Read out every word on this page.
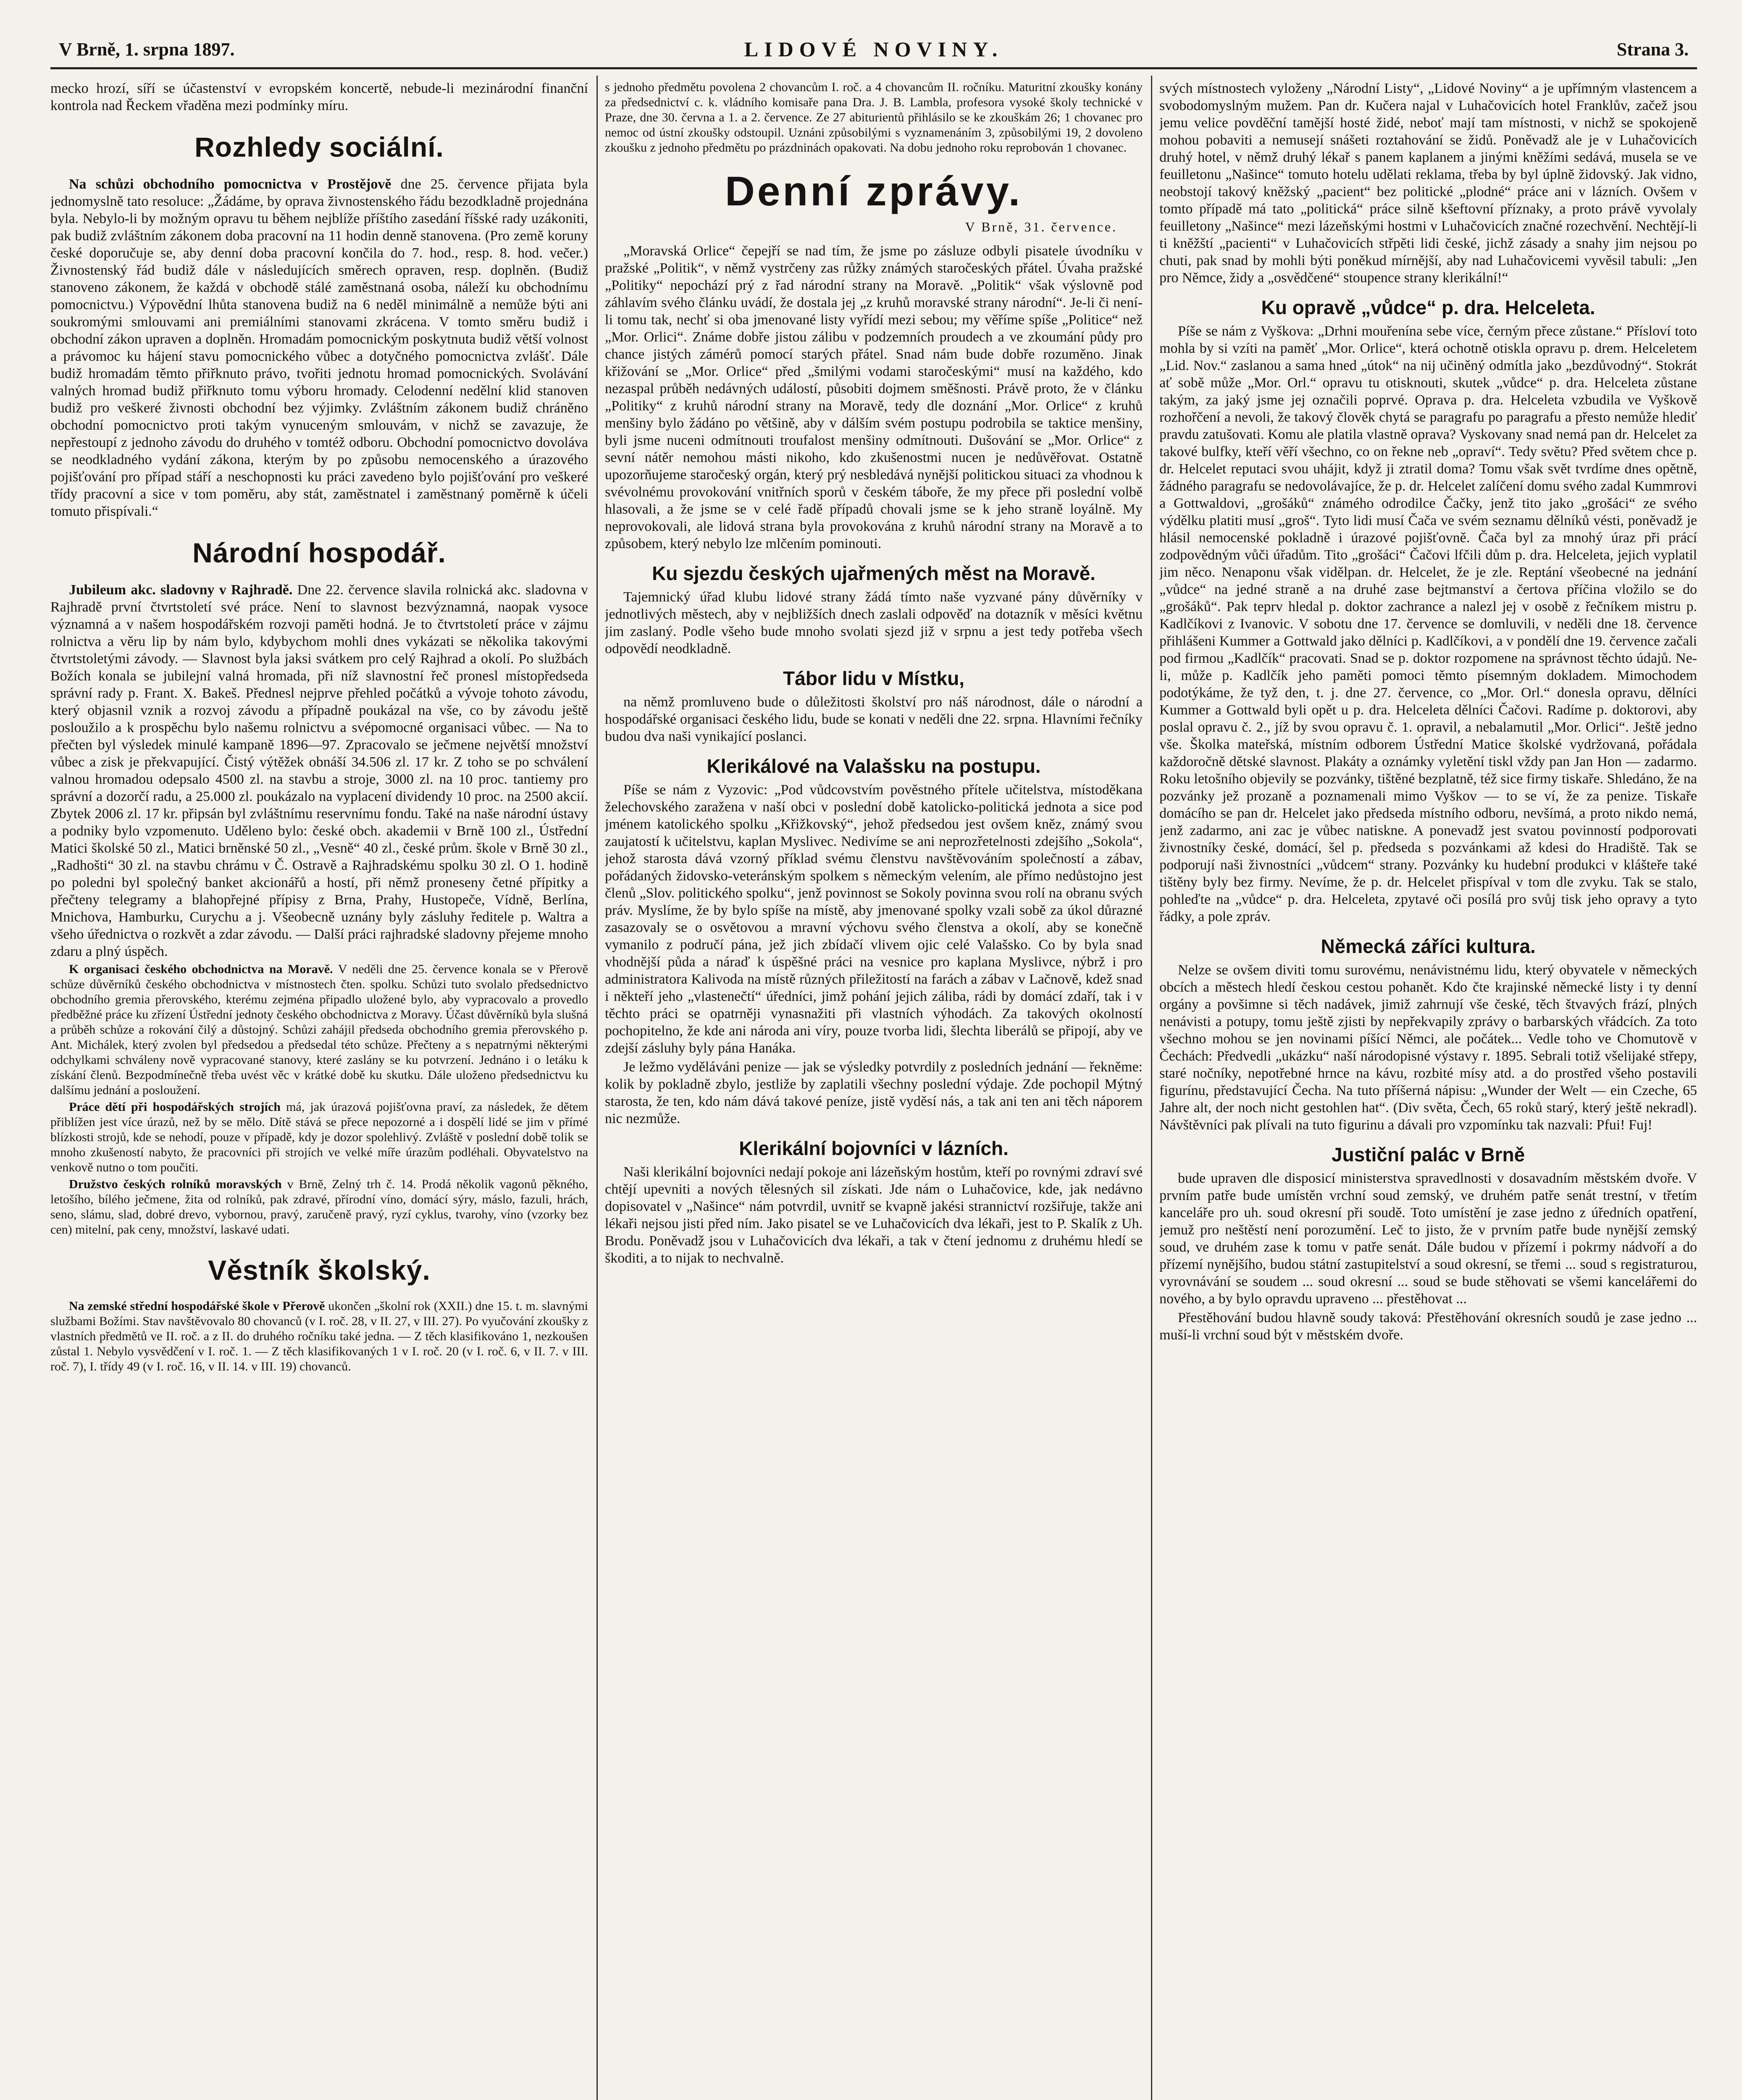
V Brně, 1. srpna 1897.	LIDOVÉ NOVINY.	Strana 3.

mecko hrozí, síří se účastenství v evropském koncertě, nebude-li mezinárodní finanční kontrola nad Řeckem vřaděna mezi podmínky míru.

Rozhledy sociální.

Na schůzi obchodního pomocnictva v Prostějově dne 25. července přijata byla jednomyslně tato resoluce: „Žádáme, by oprava živnostenského řádu bezodkladně projednána byla. Nebylo-li by možným opravu tu během nejblíže příštího zasedání říšské rady uzákoniti, pak budiž zvláštním zákonem doba pracovní na 11 hodin denně stanovena. (Pro země koruny české doporučuje se, aby denní doba pracovní končila do 7. hod., resp. 8. hod. večer.) Živnostenský řád budiž dále v následujících směrech opraven, resp. doplněn. (Budiž stanoveno zákonem, že každá v obchodě stálé zaměstnaná osoba, náleží ku obchodnímu pomocnictvu.) Výpovědní lhůta stanovena budiž na 6 neděl minimálně a nemůže býti ani soukromými smlouvami ani premiálními stanovami zkrácena. V tomto směru budiž i obchodní zákon upraven a doplněn. Hromadám pomocnickým poskytnuta budiž větší volnost a právomoc ku hájení stavu pomocnického vůbec a dotyčného pomocnictva zvlášť. Dále budiž hromadám těmto přiřknuto právo, tvořiti jednotu hromad pomocnických. Svolávání valných hromad budiž přiřknuto tomu výboru hromady. Celodenní nedělní klid stanoven budiž pro veškeré živnosti obchodní bez výjimky. Zvláštním zákonem budiž chráněno obchodní pomocnictvo proti takým vynuceným smlouvám, v nichž se zavazuje, že nepřestoupí z jednoho závodu do druhého v tomtéž odboru. Obchodní pomocnictvo dovoláva se neodkladného vydání zákona, kterým by po způsobu nemocenského a úrazového pojišťování pro případ stáří a neschopnosti ku práci zavedeno bylo pojišťování pro veškeré třídy pracovní a sice v tom poměru, aby stát, zaměstnatel i zaměstnaný poměrně k účeli tomuto přispívali.“

Národní hospodář.

Jubileum akc. sladovny v Rajhradě. Dne 22. července slavila rolnická akc. sladovna v Rajhradě první čtvrtstoletí své práce. Není to slavnost bezvýznamná, naopak vysoce významná a v našem hospodářském rozvoji paměti hodná. Je to čtvrtstoletí práce v zájmu rolnictva a věru lip by nám bylo, kdybychom mohli dnes vykázati se několika takovými čtvrtstoletými závody. — Slavnost byla jaksi svátkem pro celý Rajhrad a okolí. Po službách Božích konala se jubilejní valná hromada, při níž slavnostní řeč pronesl místopředseda správní rady p. Frant. X. Bakeš. Přednesl nejprve přehled počátků a vývoje tohoto závodu, který objasnil vznik a rozvoj závodu a případně poukázal na vše, co by závodu ještě posloužilo a k prospěchu bylo našemu rolnictvu a svépomocné organisaci vůbec. — Na to přečten byl výsledek minulé kampaně 1896—97. Zpracovalo se ječmene největší množství vůbec a zisk je překvapující. Čistý výtěžek obnáší 34.506 zl. 17 kr. Z toho se po schválení valnou hromadou odepsalo 4500 zl. na stavbu a stroje, 3000 zl. na 10 proc. tantiemy pro správní a dozorčí radu, a 25.000 zl. poukázalo na vyplacení dividendy 10 proc. na 2500 akcií. Zbytek 2006 zl. 17 kr. připsán byl zvláštnímu reservnímu fondu. Také na naše národní ústavy a podniky bylo vzpomenuto. Uděleno bylo: české obch. akademii v Brně 100 zl., Ústřední Matici školské 50 zl., Matici brněnské 50 zl., „Vesně“ 40 zl., české prům. škole v Brně 30 zl., „Radhošti“ 30 zl. na stavbu chrámu v Č. Ostravě a Rajhradskému spolku 30 zl. O 1. hodině po poledni byl společný banket akcionářů a hostí, při němž proneseny četné přípitky a přečteny telegramy a blahopřejné přípisy z Brna, Prahy, Hustopeče, Vídně, Berlína, Mnichova, Hamburku, Curychu a j. Všeobecně uznány byly zásluhy ředitele p. Waltra a všeho úřednictva o rozkvět a zdar závodu. — Další práci rajhradské sladovny přejeme mnoho zdaru a plný úspěch.

K organisaci českého obchodnictva na Moravě. V neděli dne 25. července konala se v Přerově schůze důvěrníků českého obchodnictva v místnostech čten. spolku. Schůzi tuto svolalo předsednictvo obchodního gremia přerovského, kterému zejména připadlo uložené bylo, aby vypracovalo a provedlo předběžné práce ku zřízení Ústřední jednoty českého obchodnictva z Moravy. Účast důvěrníků byla slušná a průběh schůze a rokování čilý a důstojný. Schůzi zahájil předseda obchodního gremia přerovského p. Ant. Michálek, který zvolen byl předsedou a předsedal této schůze. Přečteny a s nepatrnými některými odchylkami schváleny nově vypracované stanovy, které zaslány se ku potvrzení. Jednáno i o letáku k získání členů. Bezpodmínečně třeba uvést věc v krátké době ku skutku. Dále uloženo předsednictvu ku dalšímu jednání a posloužení.

Práce dětí při hospodářských strojích má, jak úrazová pojišťovna praví, za následek, že dětem přiblížen jest více úrazů, než by se mělo. Dítě stává se přece nepozorné a i dospělí lidé se jim v přímé blízkosti strojů, kde se nehodí, pouze v případě, kdy je dozor spolehlivý. Zvláště v poslední době tolik se mnoho zkušeností nabyto, že pracovníci při strojích ve velké míře úrazům podléhali. Obyvatelstvo na venkově nutno o tom poučiti.

Družstvo českých rolníků moravských v Brně, Zelný trh č. 14. Prodá několik vagonů pěkného, letošího, bílého ječmene, žita od rolníků, pak zdravé, přírodní víno, domácí sýry, máslo, fazuli, hrách, seno, slámu, slad, dobré drevo, vybornou, pravý, zaručeně pravý, ryzí cyklus, tvarohy, víno (vzorky bez cen) mitelní, pak ceny, množství, laskavé udati.

Věstník školský.

Na zemské střední hospodářské škole v Přerově ukončen „školní rok (XXII.) dne 15. t. m. slavnými službami Božími. Stav navštěvovalo 80 chovanců (v I. roč. 28, v II. 27, v III. 27). Po vyučování zkoušky z vlastních předmětů ve II. roč. a z II. do druhého ročníku také jedna. — Z těch klasifikováno 1, nezkoušen zůstal 1. Nebylo vysvědčení v I. roč. 1. — Z těch klasifikovaných 1 v I. roč. 20 (v I. roč. 6, v II. 7. v III. roč. 7), I. třídy 49 (v I. roč. 16, v II. 14. v III. 19) chovanců.

s jednoho předmětu povolena 2 chovancům I. roč. a 4 chovancům II. ročníku. Maturitní zkoušky konány za předsednictví c. k. vládního komisaře pana Dra. J. B. Lambla, profesora vysoké školy technické v Praze, dne 30. června a 1. a 2. července. Ze 27 abiturientů přihlásilo se ke zkouškám 26; 1 chovanec pro nemoc od ústní zkoušky odstoupil. Uznáni způsobilými s vyznamenáním 3, způsobilými 19, 2 dovoleno zkoušku z jednoho předmětu po prázdninách opakovati. Na dobu jednoho roku reprobován 1 chovanec.

Denní zprávy.
V Brně, 31. července.

„Moravská Orlice“ čepejří se nad tím, že jsme po zásluze odbyli pisatele úvodníku v pražské „Politik“, v němž vystrčeny zas růžky známých staročeských přátel. Úvaha pražské „Politiky“ nepochází prý z řad národní strany na Moravě. „Politik“ však výslovně pod záhlavím svého článku uvádí, že dostala jej „z kruhů moravské strany národní“. Je-li či není-li tomu tak, nechť si oba jmenované listy vyřídí mezi sebou; my věříme spíše „Politice“ než „Mor. Orlici“. Známe dobře jistou zálibu v podzemních proudech a ve zkoumání půdy pro chance jistých zámérů pomocí starých přátel. Snad nám bude dobře rozuměno. Jinak křižování se „Mor. Orlice“ před „šmilými vodami staročeskými“ musí na každého, kdo nezaspal průběh nedávných událostí, působiti dojmem směšnosti. Právě proto, že v článku „Politiky“ z kruhů národní strany na Moravě, tedy dle doznání „Mor. Orlice“ z kruhů menšiny bylo žádáno po většině, aby v dálším svém postupu podrobila se taktice menšiny, byli jsme nuceni odmítnouti troufalost menšiny odmítnouti. Dušování se „Mor. Orlice“ z sevní nátěr nemohou másti nikoho, kdo zkušenostmi nucen je nedůvěřovat. Ostatně upozorňujeme staročeský orgán, který prý nesbledává nynější politickou situaci za vhodnou k svévolnému provokování vnitřních sporů v českém táboře, že my přece při poslední volbě hlasovali, a že jsme se v celé řadě případů chovali jsme se k jeho straně loyálně. My neprovokovali, ale lidová strana byla provokována z kruhů národní strany na Moravě a to způsobem, který nebylo lze mlčením pominouti.

Ku sjezdu českých ujařmených měst na Moravě.

Tajemnický úřad klubu lidové strany žádá tímto naše vyzvané pány důvěrníky v jednotlivých městech, aby v nejbližších dnech zaslali odpověď na dotazník v měsíci květnu jim zaslaný. Podle všeho bude mnoho svolati sjezd již v srpnu a jest tedy potřeba všech odpovědí neodkladně.

Tábor lidu v Místku,

na němž promluveno bude o důležitosti školství pro náš národnost, dále o národní a hospodářské organisaci českého lidu, bude se konati v neděli dne 22. srpna. Hlavními řečníky budou dva naši vynikající poslanci.

Klerikálové na Valašsku na postupu.

Píše se nám z Vyzovic: „Pod vůdcovstvím pověstného přítele učitelstva, místoděkana želechovského zaražena v naší obci v poslední době katolicko-politická jednota a sice pod jménem katolického spolku „Křižkovský“, jehož předsedou jest ovšem kněz, známý svou zaujatostí k učitelstvu, kaplan Myslivec. Nedivíme se ani neprozřetelnosti zdejšího „Sokola“, jehož starosta dává vzorný příklad svému členstvu navštěvováním společností a zábav, pořádaných židovsko-veteránským spolkem s německým velením, ale přímo nedůstojno jest členů „Slov. politického spolku“, jenž povinnost se Sokoly povinna svou rolí na obranu svých práv. Myslíme, že by bylo spíše na místě, aby jmenované spolky vzali sobě za úkol důrazné zasazovaly se o osvětovou a mravní výchovu svého členstva a okolí, aby se konečně vymanilo z područí pána, jež jich zbídačí vlivem ojic celé Valašsko. Co by byla snad vhodnější půda a náraď k úspěšné práci na vesnice pro kaplana Myslivce, nýbrž i pro administratora Kalivoda na místě různých přiležitostí na farách a zábav v Lačnově, kdež snad i někteří jeho „vlastenečtí“ úředníci, jimž pohání jejich záliba, rádi by domácí zdaří, tak i v těchto práci se opatrněji vynasnažiti při vlastních výhodách. Za takových okolností pochopitelno, že kde ani národa ani víry, pouze tvorba lidi, šlechta liberálů se připojí, aby ve zdejší zásluhy byly pána Hanáka.

Je ležmo vyděláváni penize — jak se výsledky potvrdily z posledních jednání — řekněme: kolik by pokladně zbylo, jestliže by zaplatili všechny poslední výdaje. Zde pochopil Mýtný starosta, že ten, kdo nám dává takové peníze, jistě vyděsí nás, a tak ani ten ani těch náporem nic nezmůže.

Klerikální bojovníci v lázních.

Naši klerikální bojovníci nedají pokoje ani lázeňským hostům, kteří po rovnými zdraví své chtějí upevniti a nových tělesných sil získati. Jde nám o Luhačovice, kde, jak nedávno dopisovatel v „Našince“ nám potvrdil, uvnitř se kvapně jakési strannictví rozšiřuje, takže ani lékaři nejsou jisti před ním. Jako pisatel se ve Luhačovicích dva lékaři, jest to P. Skalík z Uh. Brodu. Poněvadž jsou v Luhačovicích dva lékaři, a tak v čtení jednomu z druhému hledí se škoditi, a to nijak to nechvalně.

svých místnostech vyloženy „Národní Listy“, „Lidové Noviny“ a je upřímným vlastencem a svobodomyslným mužem. Pan dr. Kučera najal v Luhačovicích hotel Franklův, začež jsou jemu velice povděční tamější hosté židé, neboť mají tam místnosti, v nichž se spokojeně mohou pobaviti a nemusejí snášeti roztahování se židů. Poněvadž ale je v Luhačovicích druhý hotel, v němž druhý lékař s panem kaplanem a jinými kněžími sedává, musela se ve feuilletonu „Našince“ tomuto hotelu udělati reklama, třeba by byl úplně židovský. Jak vidno, neobstojí takový kněžský „pacient“ bez politické „plodné“ práce ani v lázních. Ovšem v tomto případě má tato „politická“ práce silně kšeftovní příznaky, a proto právě vyvolaly feuilletony „Našince“ mezi lázeňskými hostmi v Luhačovicích značné rozechvění. Nechtějí-li ti kněžští „pacienti“ v Luhačovicích střpěti lidi české, jichž zásady a snahy jim nejsou po chuti, pak snad by mohli býti poněkud mírnější, aby nad Luhačovicemi vyvěsil tabuli: „Jen pro Němce, židy a „osvědčené“ stoupence strany klerikální!“

Ku opravě „vůdce“ p. dra. Helceleta.

Píše se nám z Vyškova: „Drhni mouřenína sebe více, černým přece zůstane.“ Přísloví toto mohla by si vzíti na paměť „Mor. Orlice“, která ochotně otiskla opravu p. drem. Helceletem „Lid. Nov.“ zaslanou a sama hned „útok“ na nij učiněný odmítla jako „bezdůvodný“. Stokrát ať sobě může „Mor. Orl.“ opravu tu otisknouti, skutek „vůdce“ p. dra. Helceleta zůstane takým, za jaký jsme jej označili poprvé. Oprava p. dra. Helceleta vzbudila ve Vyškově rozhořčení a nevoli, že takový člověk chytá se paragrafu po paragrafu a přesto nemůže hlediť pravdu zatušovati. Komu ale platila vlastně oprava? Vyskovany snad nemá pan dr. Helcelet za takové bulfky, kteří věří všechno, co on řekne neb „opraví“. Tedy světu? Před světem chce p. dr. Helcelet reputaci svou uhájit, když ji ztratil doma? Tomu však svět tvrdíme dnes opětně, žádného paragrafu se nedovolávajíce, že p. dr. Helcelet zalíčení domu svého zadal Kummrovi a Gottwaldovi, „grošáků“ známého odrodilce Čačky, jenž tito jako „grošáci“ ze svého výdělku platiti musí „groš“. Tyto lidi musí Čača ve svém seznamu dělníků vésti, poněvadž je hlásil nemocenské pokladně i úrazové pojišťovně. Čača byl za mnohý úraz při prácí zodpovědným vůči úřadům. Tito „grošáci“ Čačovi lfčili dům p. dra. Helceleta, jejich vyplatil jim něco. Nenaponu však vidělpan. dr. Helcelet, že je zle. Reptání všeobecné na jednání „vůdce“ na jedné straně a na druhé zase bejtmanství a čertova příčina vložilo se do „grošáků“. Pak teprv hledal p. doktor zachrance a nalezl jej v osobě z řečníkem mistru p. Kadlčíkovi z Ivanovic. V sobotu dne 17. července se domluvili, v neděli dne 18. července přihlášeni Kummer a Gottwald jako dělníci p. Kadlčíkovi, a v pondělí dne 19. července začali pod firmou „Kadlčík“ pracovati. Snad se p. doktor rozpomene na správnost těchto údajů. Ne-li, může p. Kadlčík jeho paměti pomoci těmto písemným dokladem. Mimochodem podotýkáme, že tyž den, t. j. dne 27. července, co „Mor. Orl.“ donesla opravu, dělníci Kummer a Gottwald byli opět u p. dra. Helceleta dělníci Čačovi. Radíme p. doktorovi, aby poslal opravu č. 2., jíž by svou opravu č. 1. opravil, a nebalamutil „Mor. Orlici“. Ještě jedno vše. Školka mateřská, místním odborem Ústřední Matice školské vydržovaná, pořádala každoročně dětské slavnost. Plakáty a oznámky vyletění tiskl vždy pan Jan Hon — zadarmo. Roku letošního objevily se pozvánky, tištěné bezplatně, též sice firmy tiskaře. Shledáno, že na pozvánky jež prozaně a poznamenali mimo Vyškov — to se ví, že za penize. Tiskaře domácího se pan dr. Helcelet jako předseda místního odboru, nevšímá, a proto nikdo nemá, jenž zadarmo, ani zac je vůbec natiskne. A ponevadž jest svatou povinností podporovati živnostníky české, domácí, šel p. předseda s pozvánkami až kdesi do Hradiště. Tak se podporují naši živnostníci „vůdcem“ strany. Pozvánky ku hudební produkci v klášteře také tištěny byly bez firmy. Nevíme, že p. dr. Helcelet přispíval v tom dle zvyku. Tak se stalo, pohleďte na „vůdce“ p. dra. Helceleta, zpytavé oči posílá pro svůj tisk jeho opravy a tyto řádky, a pole zpráv.

Německá záříci kultura.

Nelze se ovšem diviti tomu surovému, nenávistnému lidu, který obyvatele v německých obcích a městech hledí českou cestou pohanět. Kdo čte krajinské německé listy i ty denní orgány a povšimne si těch nadávek, jimiž zahrnují vše české, těch štvavých frází, plných nenávisti a potupy, tomu ještě zjisti by nepřekvapily zprávy o barbarských vřádcích. Za toto všechno mohou se jen novinami píšící Němci, ale počátek... Vedle toho ve Chomutově v Čechách: Předvedli „ukázku“ naší národopisné výstavy r. 1895. Sebrali totiž všelijaké střepy, staré nočníky, nepotřebné hrnce na kávu, rozbité mísy atd. a do prostřed všeho postavili figurínu, představující Čecha. Na tuto příšerná nápisu: „Wunder der Welt — ein Czeche, 65 Jahre alt, der noch nicht gestohlen hat“. (Div světa, Čech, 65 roků starý, který ještě nekradl). Návštěvníci pak plívali na tuto figurinu a dávali pro vzpomínku tak nazvali: Pfui! Fuj!

Justiční palác v Brně

bude upraven dle disposicí ministerstva spravedlnosti v dosavadním městském dvoře. V prvním patře bude umístěn vrchní soud zemský, ve druhém patře senát trestní, v třetím kanceláře pro uh. soud okresní při soudě. Toto umístění je zase jedno z úředních opatření, jemuž pro neštěstí není porozumění. Leč to jisto, že v prvním patře bude nynější zemský soud, ve druhém zase k tomu v patře senát. Dále budou v přízemí i pokrmy nádvoří a do přízemí nynějšího, budou státní zastupitelství a soud okresní, se třemi ... soud s registraturou, vyrovnávání se soudem ... soud okresní ... soud se bude stěhovati se všemi kancelářemi do nového, a by bylo opravdu upraveno ... přestěhovat ...

Přestěhování budou hlavně soudy taková: Přestěhování okresních soudů je zase jedno ... muší-li vrchní soud být v městském dvoře.
